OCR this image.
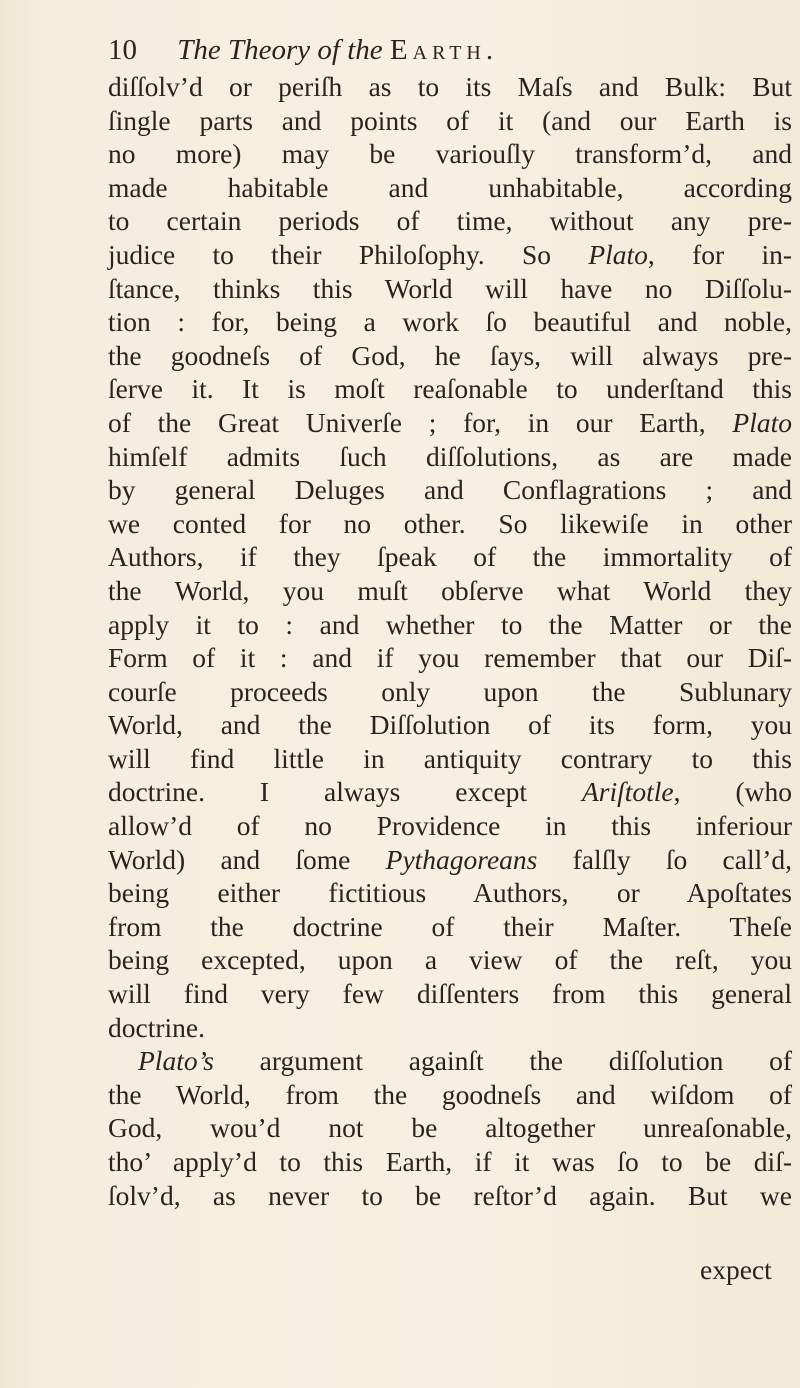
10 The Theory of the Earth.
diſſolv’d or periſh as to its Maſs and Bulk: But
ſingle parts and points of it (and our Earth is
no more) may be variouſly transform’d, and
made habitable and unhabitable, according
to certain periods of time, without any pre-
judice to their Philoſophy. So Plato, for in-
ſtance, thinks this World will have no Diſſolu-
tion : for, being a work ſo beautiful and noble,
the goodneſs of God, he ſays, will always pre-
ſerve it. It is moſt reaſonable to underſtand this
of the Great Univerſe ; for, in our Earth, Plato
himſelf admits ſuch diſſolutions, as are made
by general Deluges and Conflagrations ; and
we conted for no other. So likewiſe in other
Authors, if they ſpeak of the immortality of
the World, you muſt obſerve what World they
apply it to : and whether to the Matter or the
Form of it : and if you remember that our Diſ-
courſe proceeds only upon the Sublunary
World, and the Diſſolution of its form, you
will find little in antiquity contrary to this
doctrine. I always except Ariſtotle, (who
allow’d of no Providence in this inferiour
World) and ſome Pythagoreans falſly ſo call’d,
being either fictitious Authors, or Apoſtates
from the doctrine of their Maſter. Theſe
being excepted, upon a view of the reſt, you
will find very few diſſenters from this general
doctrine.
Plato’s argument againſt the diſſolution of
the World, from the goodneſs and wiſdom of
God, wou’d not be altogether unreaſonable,
tho’ apply’d to this Earth, if it was ſo to be diſ-
ſolv’d, as never to be reſtor’d again. But we
expect
